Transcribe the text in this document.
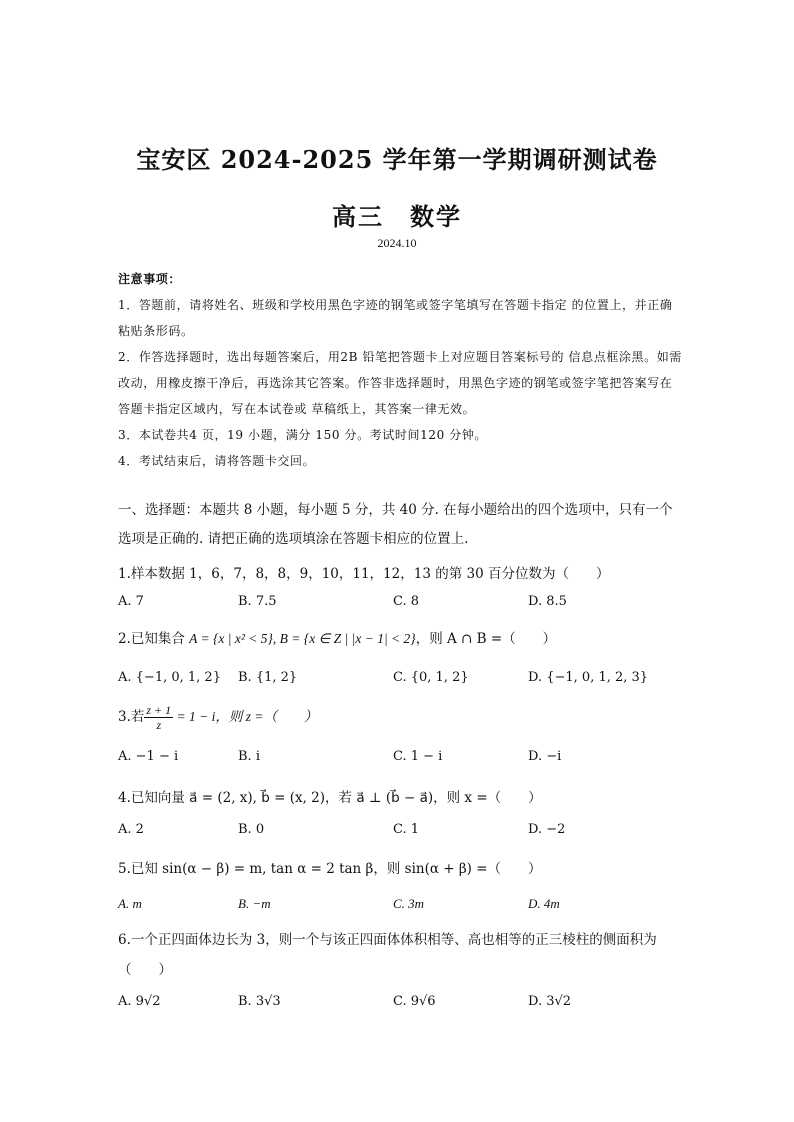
宝安区 2024-2025 学年第一学期调研测试卷
高三　数学
2024.10

注意事项：

1．答题前，请将姓名、班级和学校用黑色字迹的钢笔或签字笔填写在答题卡指定 的位置上，并正确粘贴条形码。

2．作答选择题时，选出每题答案后，用2B 铅笔把答题卡上对应题目答案标号的 信息点框涂黑。如需改动，用橡皮擦干净后，再选涂其它答案。作答非选择题时，用黑色字迹的钢笔或签字笔把答案写在答题卡指定区域内，写在本试卷或 草稿纸上，其答案一律无效。

3．本试卷共4 页，19 小题，满分 150 分。考试时间120 分钟。

4．考试结束后，请将答题卡交回。

一、选择题：本题共 8 小题，每小题 5 分，共 40 分. 在每小题给出的四个选项中，只有一个选项是正确的. 请把正确的选项填涂在答题卡相应的位置上.
1.样本数据 1，6，7，8，8，9，10，11，12，13 的第 30 百分位数为（　　）
A. 7	B. 7.5	C. 8	D. 8.5
2.已知集合 A = {x | x² < 5}, B = {x ∈ Z | |x − 1| < 2}，则 A ∩ B =（　　）
A. {−1, 0, 1, 2} B. {1, 2}	C. {0, 1, 2}	D. {−1, 0, 1, 2, 3}
3.若 $\frac{z + 1}{z} = 1 - i$，则 z =（　　）
A. −1 − i	B. i	C. 1 − i	D. −i
4.已知向量 a⃗ = (2, x), b⃗ = (x, 2)，若 a⃗ ⊥ (b⃗ − a⃗)，则 x =（　　）
A. 2	B. 0	C. 1	D. −2
5.已知 sin(α − β) = m, tan α = 2 tan β，则 sin(α + β) =（　　）
A. m	B. −m	C. 3m	D. 4m
6.一个正四面体边长为 3，则一个与该正四面体体积相等、高也相等的正三棱柱的侧面积为
（　　）
A. 9√2	B. 3√3	C. 9√6	D. 3√2
